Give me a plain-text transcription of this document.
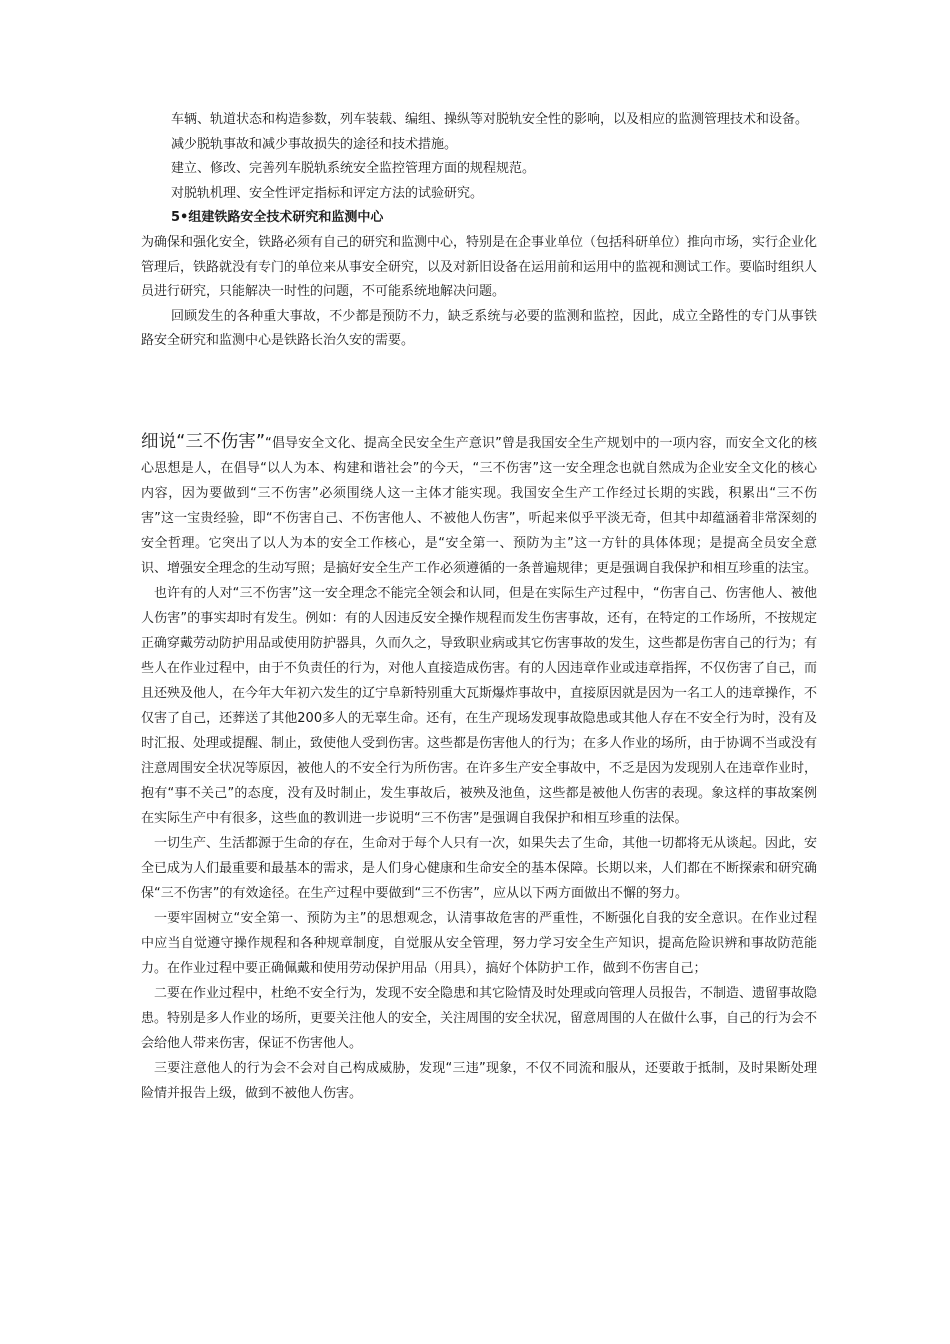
车辆、轨道状态和构造参数，列车装载、编组、操纵等对脱轨安全性的影响，以及相应的监测管理技术和设备。

减少脱轨事故和减少事故损失的途径和技术措施。

建立、修改、完善列车脱轨系统安全监控管理方面的规程规范。

对脱轨机理、安全性评定指标和评定方法的试验研究。

5•组建铁路安全技术研究和监测中心

为确保和强化安全，铁路必须有自己的研究和监测中心，特别是在企事业单位（包括科研单位）推向市场，实行企业化管理后，铁路就没有专门的单位来从事安全研究，以及对新旧设备在运用前和运用中的监视和测试工作。要临时组织人员进行研究，只能解决一时性的问题，不可能系统地解决问题。

回顾发生的各种重大事故，不少都是预防不力，缺乏系统与必要的监测和监控，因此，成立全路性的专门从事铁路安全研究和监测中心是铁路长治久安的需要。

细说“三不伤害”“倡导安全文化、提高全民安全生产意识”曾是我国安全生产规划中的一项内容，而安全文化的核心思想是人，在倡导“以人为本、构建和谐社会”的今天，“三不伤害”这一安全理念也就自然成为企业安全文化的核心内容，因为要做到“三不伤害”必须围绕人这一主体才能实现。我国安全生产工作经过长期的实践，积累出“三不伤害”这一宝贵经验，即“不伤害自己、不伤害他人、不被他人伤害”，听起来似乎平淡无奇，但其中却蕴涵着非常深刻的安全哲理。它突出了以人为本的安全工作核心，是“安全第一、预防为主”这一方针的具体体现；是提高全员安全意识、增强安全理念的生动写照；是搞好安全生产工作必须遵循的一条普遍规律；更是强调自我保护和相互珍重的法宝。

也许有的人对“三不伤害”这一安全理念不能完全领会和认同，但是在实际生产过程中，“伤害自己、伤害他人、被他人伤害”的事实却时有发生。例如：有的人因违反安全操作规程而发生伤害事故，还有，在特定的工作场所，不按规定正确穿戴劳动防护用品或使用防护器具，久而久之，导致职业病或其它伤害事故的发生，这些都是伤害自己的行为；有些人在作业过程中，由于不负责任的行为，对他人直接造成伤害。有的人因违章作业或违章指挥，不仅伤害了自己，而且还殃及他人，在今年大年初六发生的辽宁阜新特别重大瓦斯爆炸事故中，直接原因就是因为一名工人的违章操作，不仅害了自己，还葬送了其他200多人的无辜生命。还有，在生产现场发现事故隐患或其他人存在不安全行为时，没有及时汇报、处理或提醒、制止，致使他人受到伤害。这些都是伤害他人的行为；在多人作业的场所，由于协调不当或没有注意周围安全状况等原因，被他人的不安全行为所伤害。在许多生产安全事故中，不乏是因为发现别人在违章作业时，抱有“事不关己”的态度，没有及时制止，发生事故后，被殃及池鱼，这些都是被他人伤害的表现。象这样的事故案例在实际生产中有很多，这些血的教训进一步说明“三不伤害”是强调自我保护和相互珍重的法保。

一切生产、生活都源于生命的存在，生命对于每个人只有一次，如果失去了生命，其他一切都将无从谈起。因此，安全已成为人们最重要和最基本的需求，是人们身心健康和生命安全的基本保障。长期以来，人们都在不断探索和研究确保“三不伤害”的有效途径。在生产过程中要做到“三不伤害”，应从以下两方面做出不懈的努力。

一要牢固树立“安全第一、预防为主”的思想观念，认清事故危害的严重性，不断强化自我的安全意识。在作业过程中应当自觉遵守操作规程和各种规章制度，自觉服从安全管理，努力学习安全生产知识，提高危险识辨和事故防范能力。在作业过程中要正确佩戴和使用劳动保护用品（用具），搞好个体防护工作，做到不伤害自己；

二要在作业过程中，杜绝不安全行为，发现不安全隐患和其它险情及时处理或向管理人员报告，不制造、遗留事故隐患。特别是多人作业的场所，更要关注他人的安全，关注周围的安全状况，留意周围的人在做什么事，自己的行为会不会给他人带来伤害，保证不伤害他人。

三要注意他人的行为会不会对自己构成威胁，发现“三违”现象，不仅不同流和服从，还要敢于抵制，及时果断处理险情并报告上级，做到不被他人伤害。
